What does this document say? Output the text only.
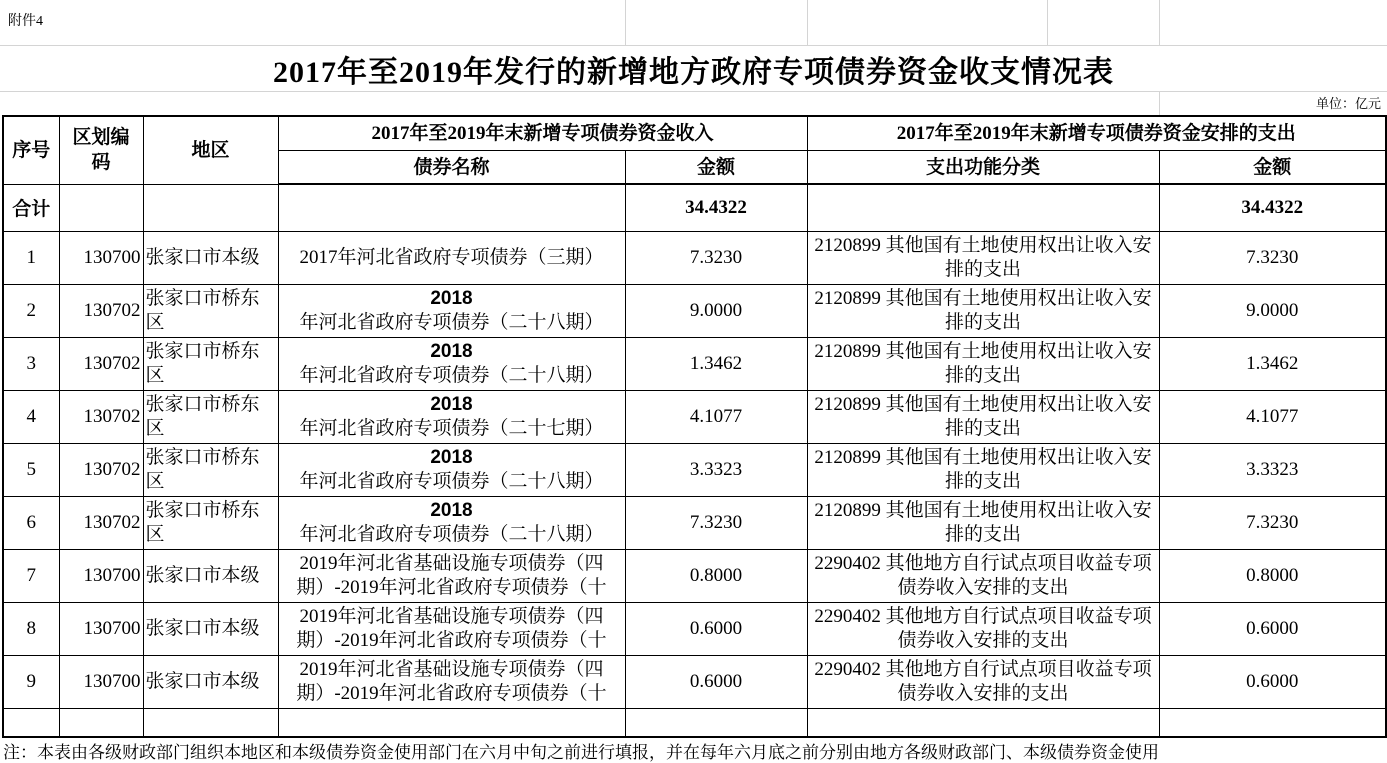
附件4
2017年至2019年发行的新增地方政府专项债券资金收支情况表
单位：亿元
序号	区划编码	地区	2017年至2019年末新增专项债券资金收入		2017年至2019年末新增专项债券资金安排的支出	
			债券名称	金额	支出功能分类	金额
合计				34.4322		34.4322
1	130700	张家口市本级	2017年河北省政府专项债券（三期）	7.3230	2120899 其他国有土地使用权出让收入安排的支出	7.3230
2	130702	张家口市桥东区	2018年河北省政府专项债券（二十八期）	9.0000	2120899 其他国有土地使用权出让收入安排的支出	9.0000
3	130702	张家口市桥东区	2018年河北省政府专项债券（二十八期）	1.3462	2120899 其他国有土地使用权出让收入安排的支出	1.3462
4	130702	张家口市桥东区	2018年河北省政府专项债券（二十七期）	4.1077	2120899 其他国有土地使用权出让收入安排的支出	4.1077
5	130702	张家口市桥东区	2018年河北省政府专项债券（二十八期）	3.3323	2120899 其他国有土地使用权出让收入安排的支出	3.3323
6	130702	张家口市桥东区	2018年河北省政府专项债券（二十八期）	7.3230	2120899 其他国有土地使用权出让收入安排的支出	7.3230
7	130700	张家口市本级	2019年河北省基础设施专项债券（四期）-2019年河北省政府专项债券（十	0.8000	2290402 其他地方自行试点项目收益专项债券收入安排的支出	0.8000
8	130700	张家口市本级	2019年河北省基础设施专项债券（四期）-2019年河北省政府专项债券（十	0.6000	2290402 其他地方自行试点项目收益专项债券收入安排的支出	0.6000
9	130700	张家口市本级	2019年河北省基础设施专项债券（四期）-2019年河北省政府专项债券（十	0.6000	2290402 其他地方自行试点项目收益专项债券收入安排的支出	0.6000

注：本表由各级财政部门组织本地区和本级债券资金使用部门在六月中旬之前进行填报，并在每年六月底之前分别由地方各级财政部门、本级债券资金使用
